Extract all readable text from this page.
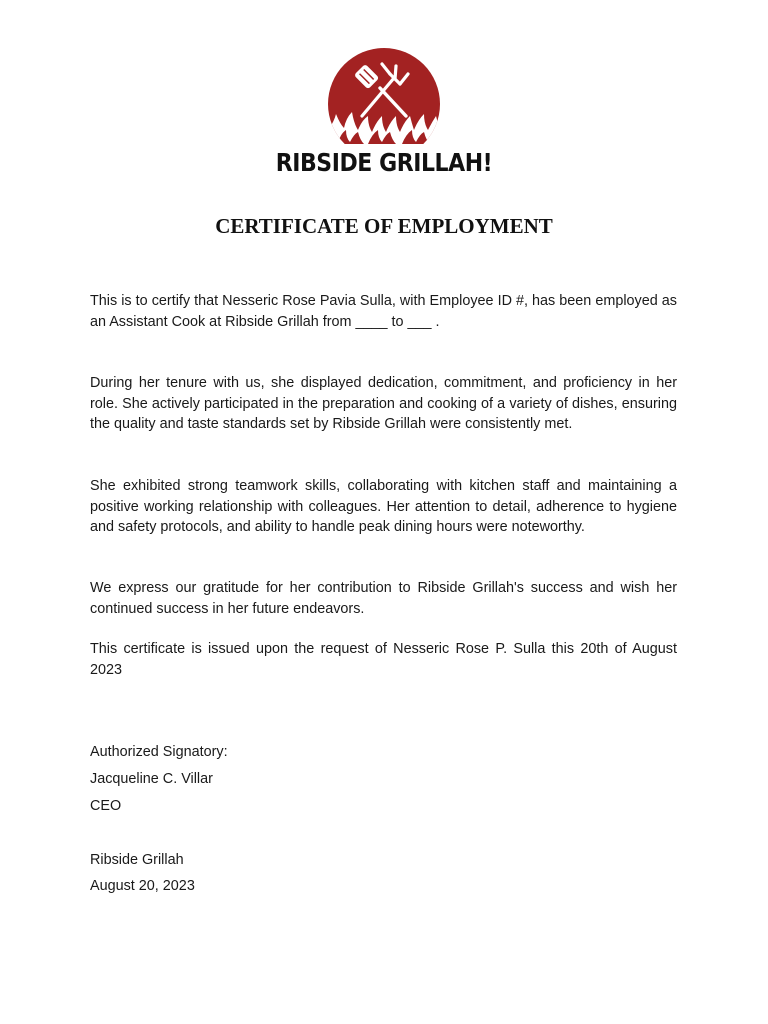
RIBSIDE GRILLAH!
CERTIFICATE OF EMPLOYMENT

This is to certify that Nesseric Rose Pavia Sulla, with Employee ID #, has been employed as an Assistant Cook at Ribside Grillah from ____ to ___ .

During her tenure with us, she displayed dedication, commitment, and proficiency in her role. She actively participated in the preparation and cooking of a variety of dishes, ensuring the quality and taste standards set by Ribside Grillah were consistently met.

She exhibited strong teamwork skills, collaborating with kitchen staff and maintaining a positive working relationship with colleagues. Her attention to detail, adherence to hygiene and safety protocols, and ability to handle peak dining hours were noteworthy.

We express our gratitude for her contribution to Ribside Grillah's success and wish her continued success in her future endeavors.

This certificate is issued upon the request of Nesseric Rose P. Sulla this 20th of August 2023

Authorized Signatory:

Jacqueline C. Villar

CEO

Ribside Grillah

August 20, 2023
